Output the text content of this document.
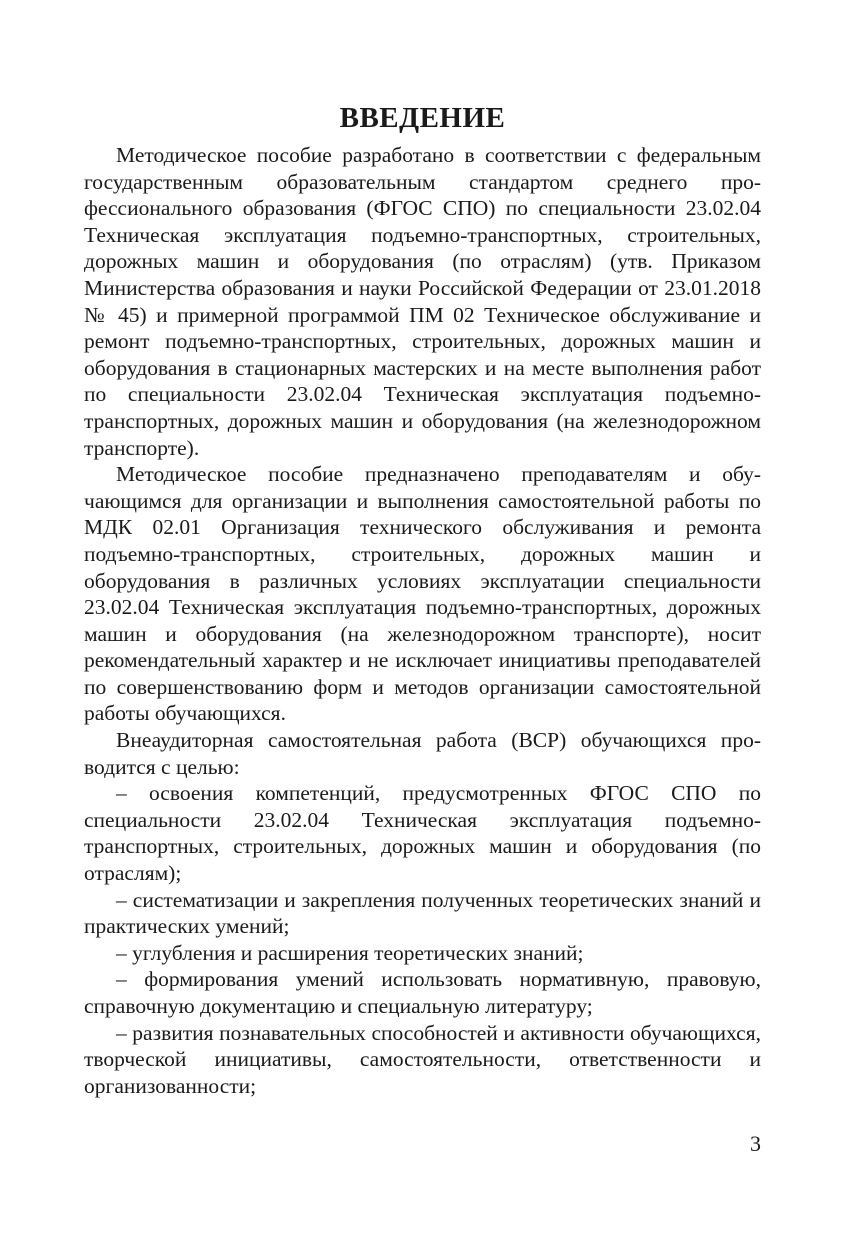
ВВЕДЕНИЕ

Методическое пособие разработано в соответствии с федеральным государственным образовательным стандартом среднего профессионального образования (ФГОС СПО) по специальности 23.02.04 Техническая эксплуатация подъемно-транспортных, строительных, дорожных машин и оборудования (по отраслям) (утв. Приказом Министерства образования и науки Российской Федерации от 23.01.2018 № 45) и примерной программой ПМ 02 Техническое обслуживание и ремонт подъемно-транспортных, строительных, дорожных машин и оборудования в стационарных мастерских и на месте выполнения работ по специальности 23.02.04 Техническая эксплуатация подъемно-транспортных, дорожных машин и оборудования (на железнодорожном транспорте).

Методическое пособие предназначено преподавателям и обучающимся для организации и выполнения самостоятельной работы по МДК 02.01 Организация технического обслуживания и ремонта подъемно-транспортных, строительных, дорожных машин и оборудования в различных условиях эксплуатации специальности 23.02.04 Техническая эксплуатация подъемно-транспортных, дорожных машин и оборудования (на железнодорожном транспорте), носит рекомендательный характер и не исключает инициативы преподавателей по совершенствованию форм и методов организации самостоятельной работы обучающихся.

Внеаудиторная самостоятельная работа (ВСР) обучающихся проводится с целью:

– освоения компетенций, предусмотренных ФГОС СПО по специальности 23.02.04 Техническая эксплуатация подъемно-транспортных, строительных, дорожных машин и оборудования (по отраслям);

– систематизации и закрепления полученных теоретических знаний и практических умений;

– углубления и расширения теоретических знаний;

– формирования умений использовать нормативную, правовую, справочную документацию и специальную литературу;

– развития познавательных способностей и активности обучающихся, творческой инициативы, самостоятельности, ответственности и организованности;

3
